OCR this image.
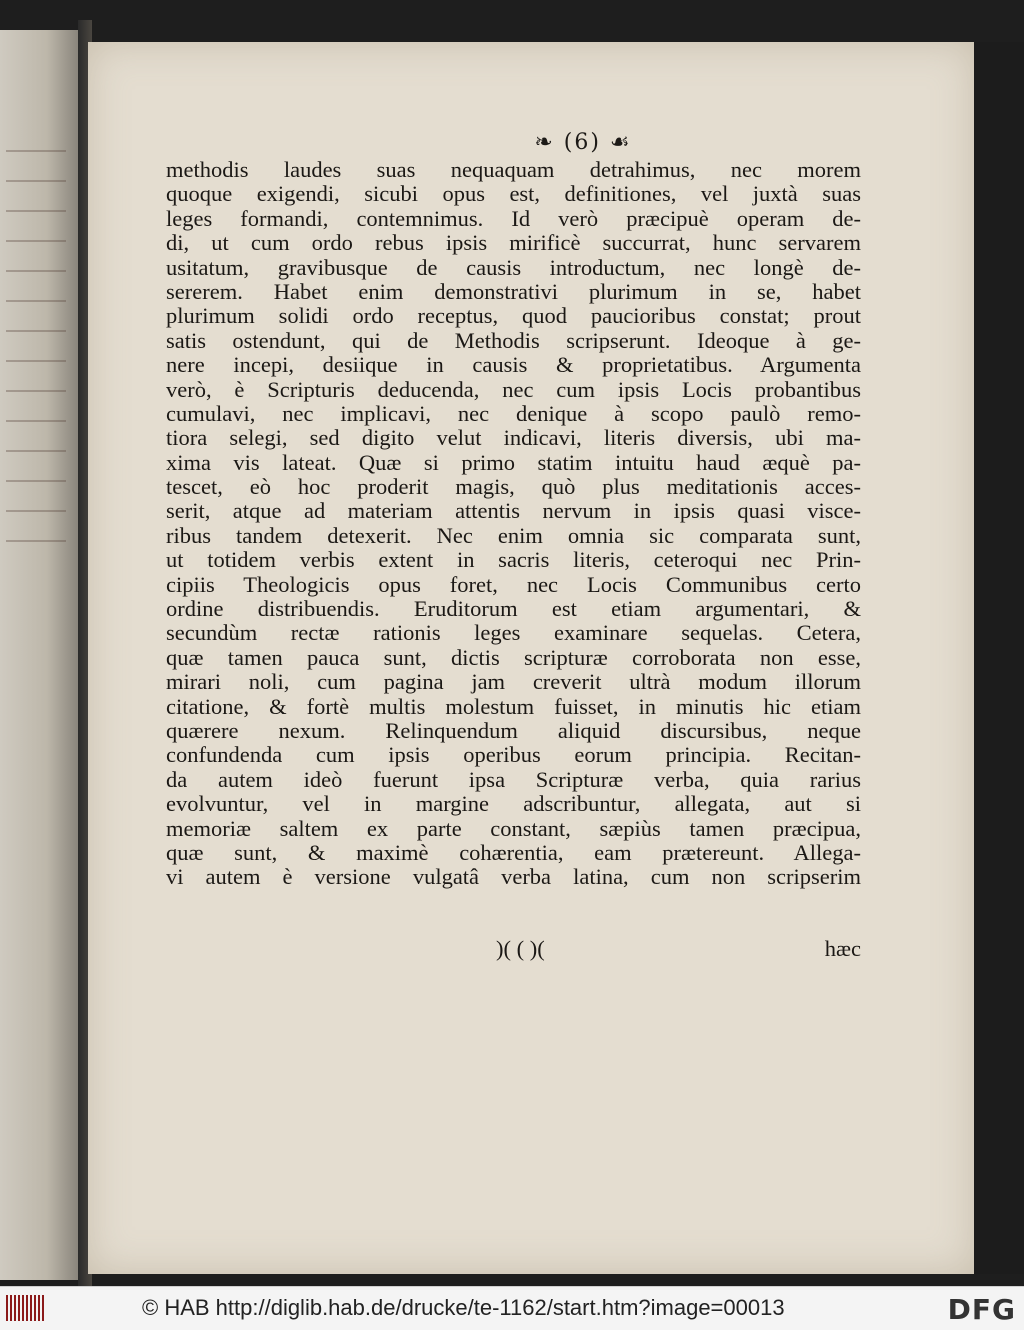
❧ (6) ☙
methodis laudes suas nequaquam detrahimus, nec morem
quoque exigendi, sicubi opus est, definitiones, vel juxtà suas
leges formandi, contemnimus. Id verò præcipuè operam de-
di, ut cum ordo rebus ipsis mirificè succurrat, hunc servarem
usitatum, gravibusque de causis introductum, nec longè de-
sererem. Habet enim demonstrativi plurimum in se, habet
plurimum solidi ordo receptus, quod paucioribus constat; prout
satis ostendunt, qui de Methodis scripserunt. Ideoque à ge-
nere incepi, desiique in causis & proprietatibus. Argumenta
verò, è Scripturis deducenda, nec cum ipsis Locis probantibus
cumulavi, nec implicavi, nec denique à scopo paulò remo-
tiora selegi, sed digito velut indicavi, literis diversis, ubi ma-
xima vis lateat. Quæ si primo statim intuitu haud æquè pa-
tescet, eò hoc proderit magis, quò plus meditationis acces-
serit, atque ad materiam attentis nervum in ipsis quasi visce-
ribus tandem detexerit. Nec enim omnia sic comparata sunt,
ut totidem verbis extent in sacris literis, ceteroqui nec Prin-
cipiis Theologicis opus foret, nec Locis Communibus certo
ordine distribuendis. Eruditorum est etiam argumentari, &
secundùm rectæ rationis leges examinare sequelas. Cetera,
quæ tamen pauca sunt, dictis scripturæ corroborata non esse,
mirari noli, cum pagina jam creverit ultrà modum illorum
citatione, & fortè multis molestum fuisset, in minutis hic etiam
quærere nexum. Relinquendum aliquid discursibus, neque
confundenda cum ipsis operibus eorum principia. Recitan-
da autem ideò fuerunt ipsa Scripturæ verba, quia rarius
evolvuntur, vel in margine adscribuntur, allegata, aut si
memoriæ saltem ex parte constant, sæpiùs tamen præcipua,
quæ sunt, & maximè cohærentia, eam prætereunt. Allega-
vi autem è versione vulgatâ verba latina, cum non scripserim
)( ( )(	hæc
© HAB http://diglib.hab.de/drucke/te-1162/start.htm?image=00013	DFG
